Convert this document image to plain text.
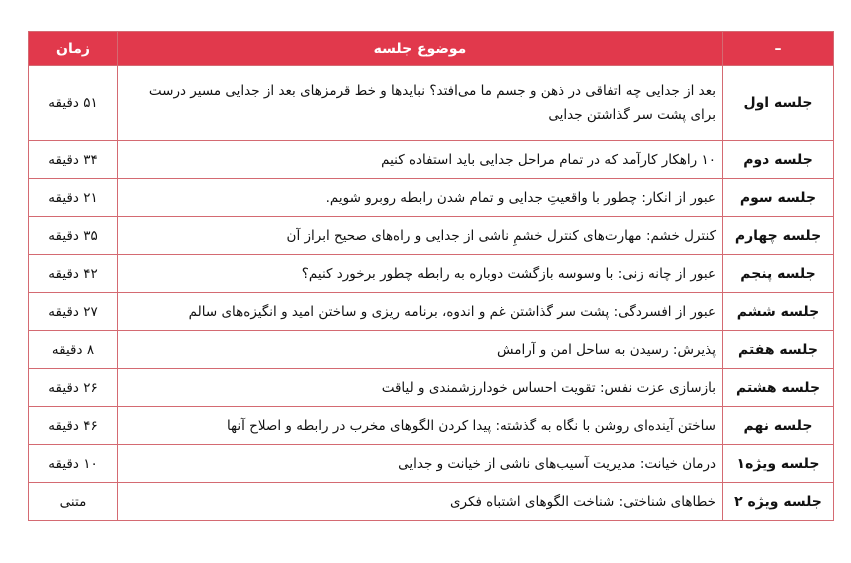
–	موضوع جلسه	زمان
جلسه اول	بعد از جدایی چه اتفاقی در ذهن و جسم ما می‌افتد؟ نبایدها و خط قرمزهای بعد از جدایی مسیر درست برای پشت سر گذاشتن جدایی	۵۱ دقیقه
جلسه دوم	۱۰ راهکار کارآمد که در تمام مراحل جدایی باید استفاده کنیم	۳۴ دقیقه
جلسه سوم	عبور از انکار: چطور با واقعیتِ جدایی و تمام شدن رابطه روبرو شویم.	۲۱ دقیقه
جلسه چهارم	کنترل خشم: مهارت‌های کنترل خشمِ ناشی از جدایی و راه‌های صحیح ابراز آن	۳۵ دقیقه
جلسه پنجم	عبور از چانه زنی: با وسوسه بازگشت دوباره به رابطه چطور برخورد کنیم؟	۴۲ دقیقه
جلسه ششم	عبور از افسردگی: پشت سر گذاشتن غم و اندوه، برنامه ریزی و ساختن امید و انگیزه‌های سالم	۲۷ دقیقه
جلسه هفتم	پذیرش: رسیدن به ساحل امن و آرامش	۸ دقیقه
جلسه هشتم	بازسازی عزت نفس: تقویت احساس خودارزشمندی و لیاقت	۲۶ دقیقه
جلسه نهم	ساختن آینده‌ای روشن با نگاه به گذشته: پیدا کردن الگوهای مخرب در رابطه و اصلاح آنها	۴۶ دقیقه
جلسه ویژه۱	درمان خیانت: مدیریت آسیب‌های ناشی از خیانت و جدایی	۱۰ دقیقه
جلسه ویژه ۲	خطاهای شناختی: شناخت الگوهای اشتباه فکری	متنی
